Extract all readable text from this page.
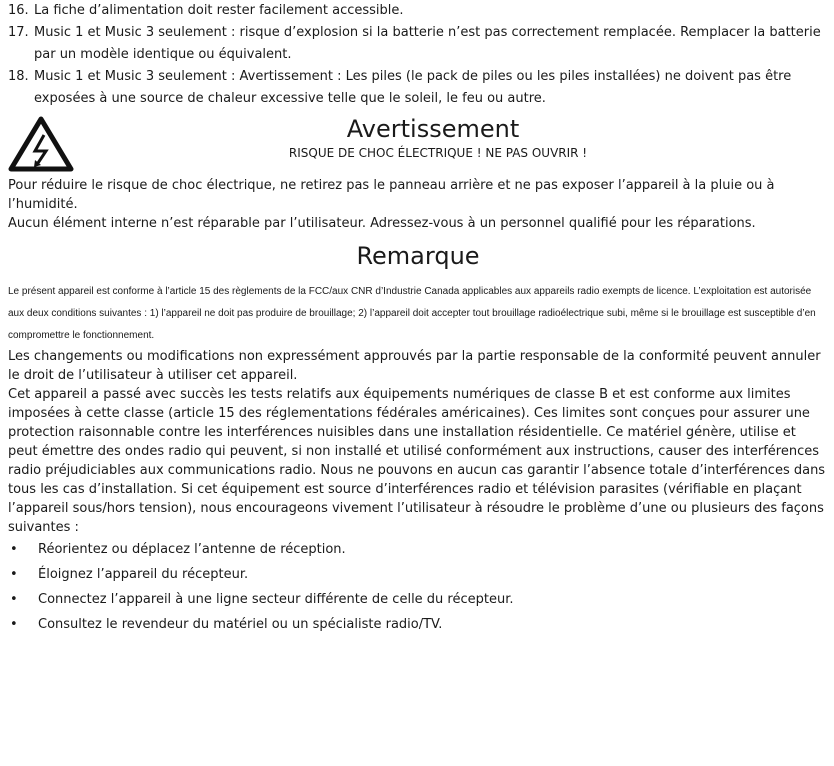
16. La fiche d’alimentation doit rester facilement accessible.
17. Music 1 et Music 3 seulement : risque d’explosion si la batterie n’est pas correctement remplacée. Remplacer la batterie par un modèle identique ou équivalent.
18. Music 1 et Music 3 seulement : Avertissement : Les piles (le pack de piles ou les piles installées) ne doivent pas être exposées à une source de chaleur excessive telle que le soleil, le feu ou autre.
Avertissement
RISQUE DE CHOC ÉLECTRIQUE ! NE PAS OUVRIR !

Pour réduire le risque de choc électrique, ne retirez pas le panneau arrière et ne pas exposer l’appareil à la pluie ou à l’humidité.

Aucun élément interne n’est réparable par l’utilisateur. Adressez-vous à un personnel qualifié pour les réparations.

Remarque

Le présent appareil est conforme à l’article 15 des règlements de la FCC/aux CNR d’Industrie Canada applicables aux appareils radio exempts de licence. L’exploitation est autorisée aux deux conditions suivantes : 1) l’appareil ne doit pas produire de brouillage; 2) l’appareil doit accepter tout brouillage radioélectrique subi, même si le brouillage est susceptible d’en compromettre le fonctionnement.

Les changements ou modifications non expressément approuvés par la partie responsable de la conformité peuvent annuler le droit de l’utilisateur à utiliser cet appareil.

Cet appareil a passé avec succès les tests relatifs aux équipements numériques de classe B et est conforme aux limites imposées à cette classe (article 15 des réglementations fédérales américaines). Ces limites sont conçues pour assurer une protection raisonnable contre les interférences nuisibles dans une installation résidentielle. Ce matériel génère, utilise et peut émettre des ondes radio qui peuvent, si non installé et utilisé conformément aux instructions, causer des interférences radio préjudiciables aux communications radio. Nous ne pouvons en aucun cas garantir l’absence totale d’interférences dans tous les cas d’installation. Si cet équipement est source d’interférences radio et télévision parasites (vérifiable en plaçant l’appareil sous/hors tension), nous encourageons vivement l’utilisateur à résoudre le problème d’une ou plusieurs des façons suivantes :

•	Réorientez ou déplacez l’antenne de réception.
•	Éloignez l’appareil du récepteur.
•	Connectez l’appareil à une ligne secteur différente de celle du récepteur.
•	Consultez le revendeur du matériel ou un spécialiste radio/TV.
